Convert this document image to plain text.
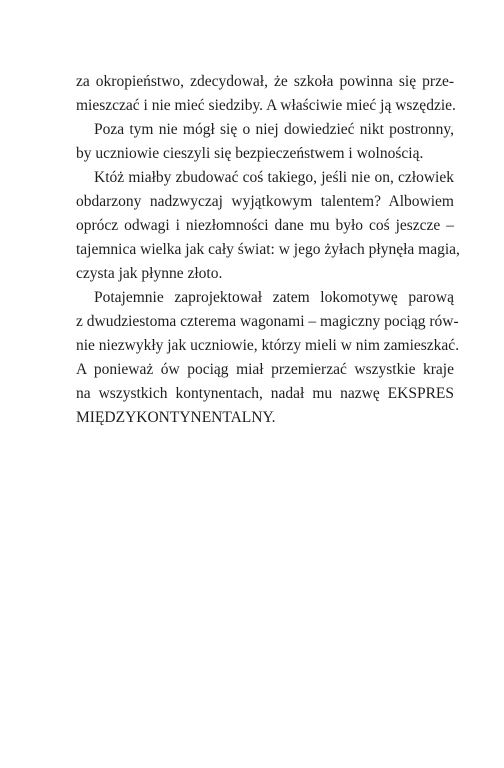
za okropieństwo, zdecydował, że szkoła powinna się prze-
mieszczać i nie mieć siedziby. A właściwie mieć ją wszędzie.
Poza tym nie mógł się o niej dowiedzieć nikt postronny,
by uczniowie cieszyli się bezpieczeństwem i wolnością.
Któż miałby zbudować coś takiego, jeśli nie on, człowiek
obdarzony nadzwyczaj wyjątkowym talentem? Albowiem
oprócz odwagi i niezłomności dane mu było coś jeszcze –
tajemnica wielka jak cały świat: w jego żyłach płynęła magia,
czysta jak płynne złoto.
Potajemnie zaprojektował zatem lokomotywę parową
z dwudziestoma czterema wagonami – magiczny pociąg rów-
nie niezwykły jak uczniowie, którzy mieli w nim zamieszkać.
A ponieważ ów pociąg miał przemierzać wszystkie kraje
na wszystkich kontynentach, nadał mu nazwę EKSPRES
MIĘDZYKONTYNENTALNY.
